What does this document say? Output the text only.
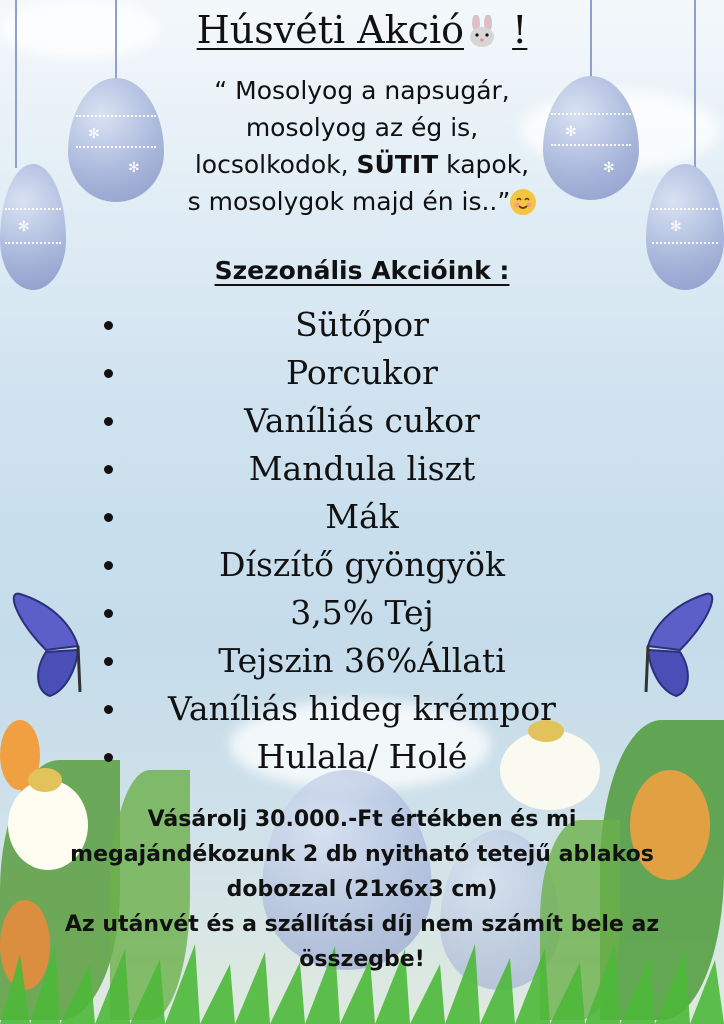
✻
✻
✻
✻
✻
✻
Húsvéti Akció !
“ Mosolyog a napsugár,
mosolyog az ég is,
locsolkodok, SÜTIT kapok,
s mosolygok majd én is..”
Szezonális Akcióink :
Sütőpor
Porcukor
Vaníliás cukor
Mandula liszt
Mák
Díszítő gyöngyök
3,5% Tej
Tejszin 36%Állati
Vaníliás hideg krémpor
Hulala/ Holé
Vásárolj 30.000.-Ft értékben és mi
megajándékozunk 2 db nyitható tetejű ablakos
dobozzal (21x6x3 cm)
Az utánvét és a szállítási díj nem számít bele az
összegbe!
